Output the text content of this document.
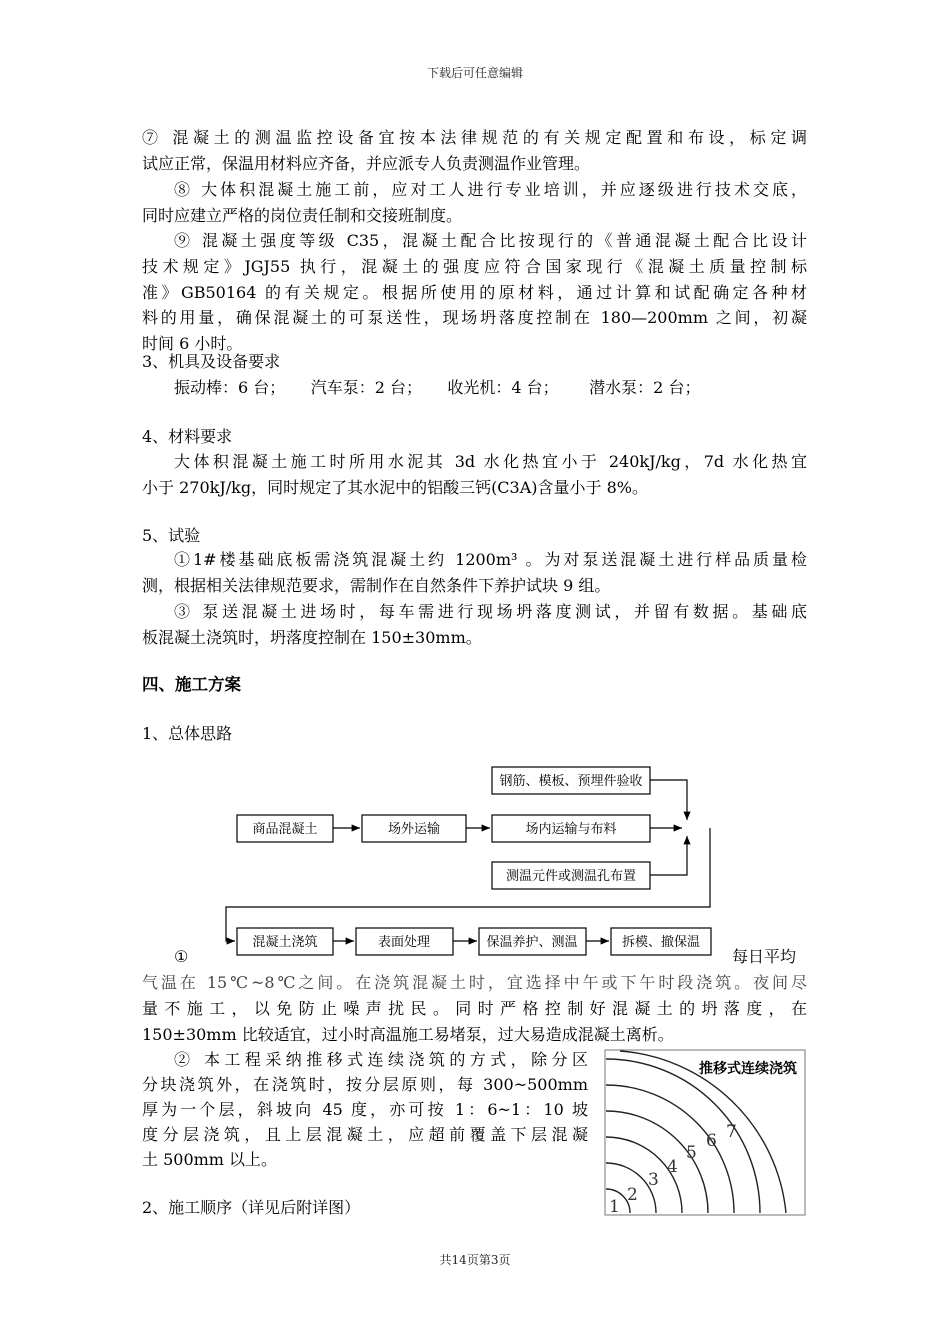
下载后可任意编辑
⑦ 混凝土的测温监控设备宜按本法律规范的有关规定配置和布设，标定调
试应正常，保温用材料应齐备，并应派专人负责测温作业管理。
⑧ 大体积混凝土施工前，应对工人进行专业培训，并应逐级进行技术交底，
同时应建立严格的岗位责任制和交接班制度。
⑨ 混凝土强度等级 C35，混凝土配合比按现行的《普通混凝土配合比设计
技术规定》JGJ55 执行，混凝土的强度应符合国家现行《混凝土质量控制标
准》GB50164 的有关规定。根据所使用的原材料，通过计算和试配确定各种材
料的用量，确保混凝土的可泵送性，现场坍落度控制在 180—200mm 之间，初凝
时间 6 小时。
3、机具及设备要求
振动棒：6 台；     汽车泵：2 台；     收光机：4 台；      潜水泵：2 台；
4、材料要求
大体积混凝土施工时所用水泥其 3d 水化热宜小于 240kJ/kg，7d 水化热宜
小于 270kJ/kg，同时规定了其水泥中的铝酸三钙(C3A)含量小于 8%。
5、试验
①1#楼基础底板需浇筑混凝土约 1200m³ 。为对泵送混凝土进行样品质量检
测，根据相关法律规范要求，需制作在自然条件下养护试块 9 组。
③ 泵送混凝土进场时，每车需进行现场坍落度测试，并留有数据。基础底
板混凝土浇筑时，坍落度控制在 150±30mm。
四、施工方案
1、总体思路
钢筋、模板、预埋件验收
商品混凝土	场外运输	场内运输与布料
测温元件或测温孔布置
混凝土浇筑	表面处理	保温养护、测温	拆模、撤保温
①	每日平均
气温在 15℃~8℃之间。在浇筑混凝土时，宜选择中午或下午时段浇筑。夜间尽
量不施工，以免防止噪声扰民。同时严格控制好混凝土的坍落度，在
150±30mm 比较适宜，过小时高温施工易堵泵，过大易造成混凝土离析。
② 本工程采纳推移式连续浇筑的方式，除分区
分块浇筑外，在浇筑时，按分层原则，每 300~500mm
厚为一个层，斜坡向 45 度，亦可按 1：6~1：10 坡
度分层浇筑，且上层混凝土，应超前覆盖下层混凝
土 500mm 以上。
2、施工顺序（详见后附详图）
推移式连续浇筑
1
2
3
4
5
6 7
共14页第3页
